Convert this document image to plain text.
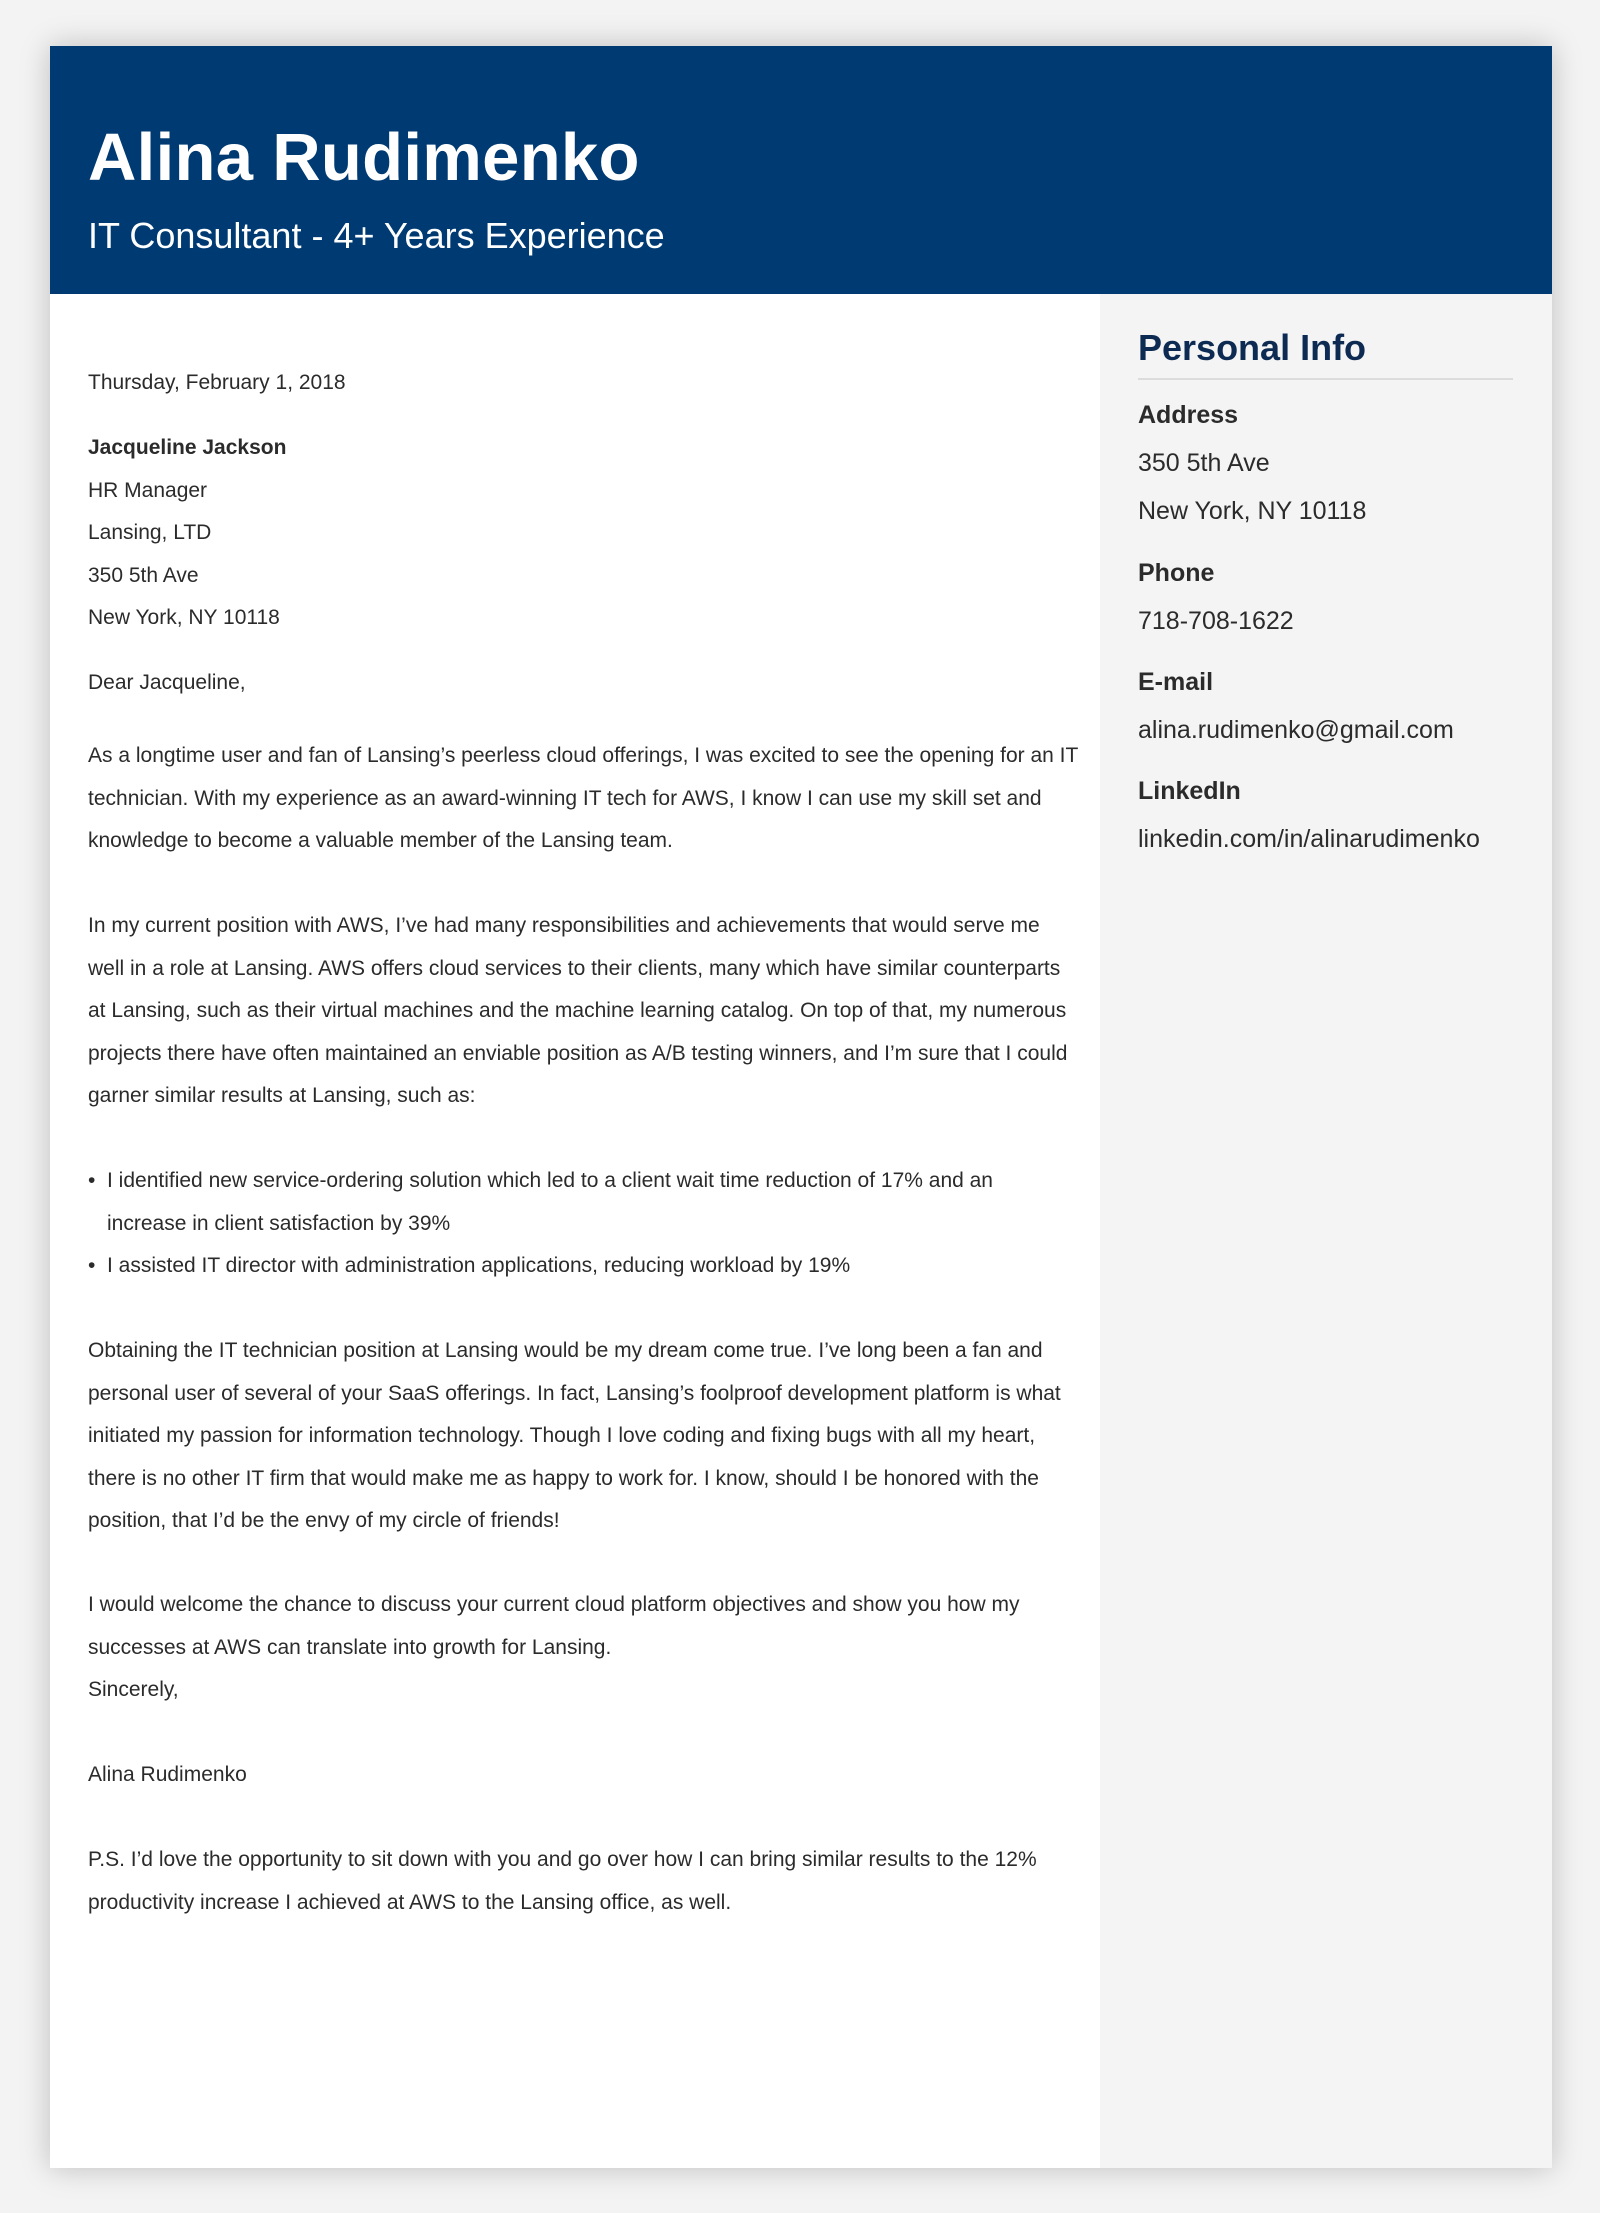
Alina Rudimenko
IT Consultant - 4+ Years Experience
Thursday, February 1, 2018
Jacqueline Jackson
HR Manager
Lansing, LTD
350 5th Ave
New York, NY 10118
Dear Jacqueline,
As a longtime user and fan of Lansing’s peerless cloud offerings, I was excited to see the opening for an IT technician. With my experience as an award-winning IT tech for AWS, I know I can use my skill set and knowledge to become a valuable member of the Lansing team.
In my current position with AWS, I’ve had many responsibilities and achievements that would serve me well in a role at Lansing. AWS offers cloud services to their clients, many which have similar counterparts at Lansing, such as their virtual machines and the machine learning catalog. On top of that, my numerous projects there have often maintained an enviable position as A/B testing winners, and I’m sure that I could garner similar results at Lansing, such as:
• I identified new service-ordering solution which led to a client wait time reduction of 17% and an increase in client satisfaction by 39%
• I assisted IT director with administration applications, reducing workload by 19%
Obtaining the IT technician position at Lansing would be my dream come true. I’ve long been a fan and personal user of several of your SaaS offerings. In fact, Lansing’s foolproof development platform is what initiated my passion for information technology. Though I love coding and fixing bugs with all my heart, there is no other IT firm that would make me as happy to work for. I know, should I be honored with the position, that I’d be the envy of my circle of friends!
I would welcome the chance to discuss your current cloud platform objectives and show you how my successes at AWS can translate into growth for Lansing.
Sincerely,
Alina Rudimenko
P.S. I’d love the opportunity to sit down with you and go over how I can bring similar results to the 12% productivity increase I achieved at AWS to the Lansing office, as well.
Personal Info
Address
350 5th Ave
New York, NY 10118
Phone
718-708-1622
E-mail
alina.rudimenko@gmail.com
LinkedIn
linkedin.com/in/alinarudimenko
